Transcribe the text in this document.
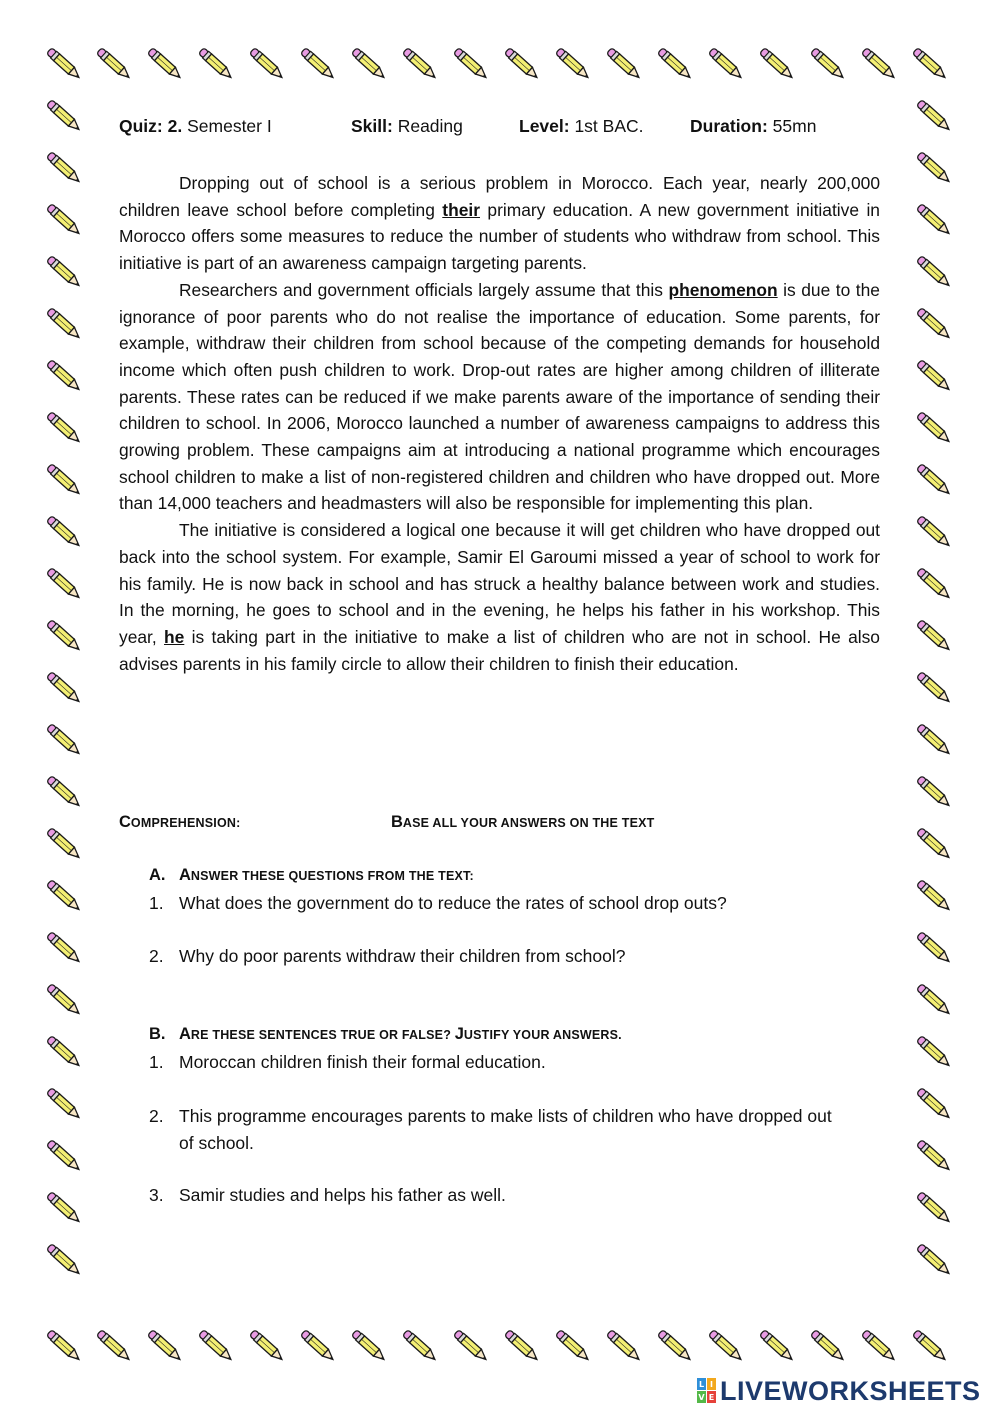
Quiz: 2. Semester I	Skill: Reading	Level: 1st BAC.	Duration: 55mn

Dropping out of school is a serious problem in Morocco. Each year, nearly 200,000 children leave school before completing their primary education. A new government initiative in Morocco offers some measures to reduce the number of students who withdraw from school. This initiative is part of an awareness campaign targeting parents.

Researchers and government officials largely assume that this phenomenon is due to the ignorance of poor parents who do not realise the importance of education. Some parents, for example, withdraw their children from school because of the competing demands for household income which often push children to work. Drop-out rates are higher among children of illiterate parents. These rates can be reduced if we make parents aware of the importance of sending their children to school. In 2006, Morocco launched a number of awareness campaigns to address this growing problem. These campaigns aim at introducing a national programme which encourages school children to make a list of non-registered children and children who have dropped out. More than 14,000 teachers and headmasters will also be responsible for implementing this plan.

The initiative is considered a logical one because it will get children who have dropped out back into the school system. For example, Samir El Garoumi missed a year of school to work for his family. He is now back in school and has struck a healthy balance between work and studies. In the morning, he goes to school and in the evening, he helps his father in his workshop. This year, he is taking part in the initiative to make a list of children who are not in school. He also advises parents in his family circle to allow their children to finish their education.

COMPREHENSION:	BASE ALL YOUR ANSWERS ON THE TEXT
A. ANSWER THESE QUESTIONS FROM THE TEXT:
1. What does the government do to reduce the rates of school drop outs?
2. Why do poor parents withdraw their children from school?
B. ARE THESE SENTENCES TRUE OR FALSE? JUSTIFY YOUR ANSWERS.
1. Moroccan children finish their formal education.
2. This programme encourages parents to make lists of children who have dropped out of school.
3. Samir studies and helps his father as well.
L I
V E LIVEWORKSHEETS
